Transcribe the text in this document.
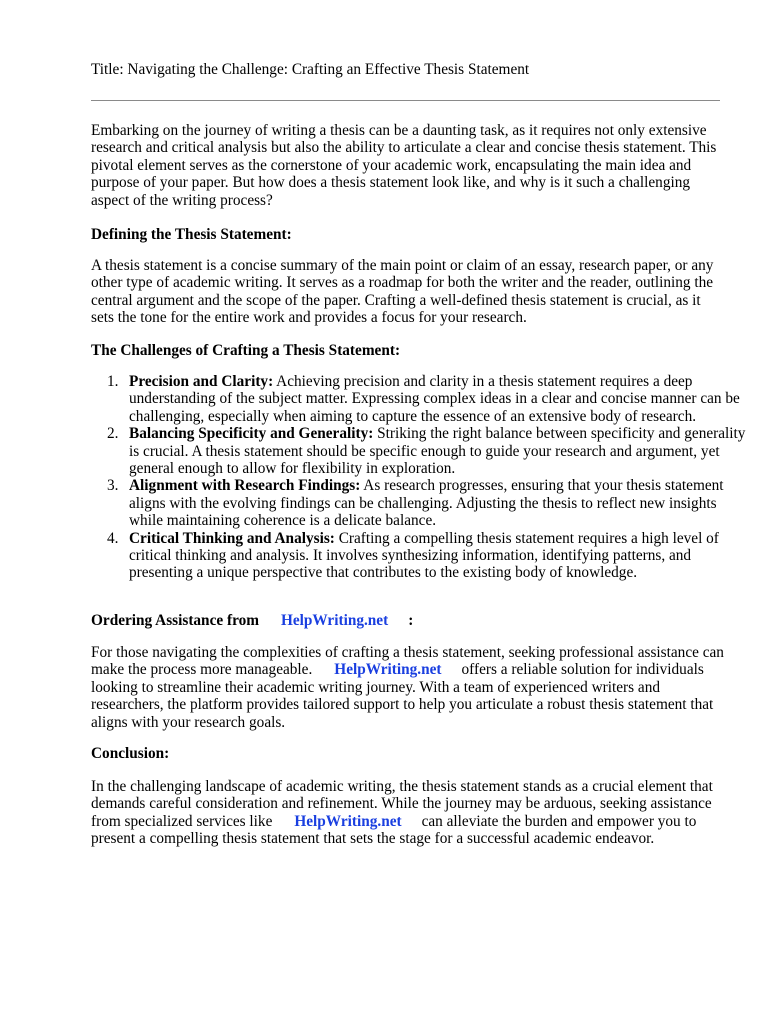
Title: Navigating the Challenge: Crafting an Effective Thesis Statement

Embarking on the journey of writing a thesis can be a daunting task, as it requires not only extensive research and critical analysis but also the ability to articulate a clear and concise thesis statement. This pivotal element serves as the cornerstone of your academic work, encapsulating the main idea and purpose of your paper. But how does a thesis statement look like, and why is it such a challenging aspect of the writing process?

Defining the Thesis Statement:

A thesis statement is a concise summary of the main point or claim of an essay, research paper, or any other type of academic writing. It serves as a roadmap for both the writer and the reader, outlining the central argument and the scope of the paper. Crafting a well-defined thesis statement is crucial, as it sets the tone for the entire work and provides a focus for your research.

The Challenges of Crafting a Thesis Statement:
1. Precision and Clarity: Achieving precision and clarity in a thesis statement requires a deep understanding of the subject matter. Expressing complex ideas in a clear and concise manner can be challenging, especially when aiming to capture the essence of an extensive body of research.
2. Balancing Specificity and Generality: Striking the right balance between specificity and generality is crucial. A thesis statement should be specific enough to guide your research and argument, yet general enough to allow for flexibility in exploration.
3. Alignment with Research Findings: As research progresses, ensuring that your thesis statement aligns with the evolving findings can be challenging. Adjusting the thesis to reflect new insights while maintaining coherence is a delicate balance.
4. Critical Thinking and Analysis: Crafting a compelling thesis statement requires a high level of critical thinking and analysis. It involves synthesizing information, identifying patterns, and presenting a unique perspective that contributes to the existing body of knowledge.
Ordering Assistance from HelpWriting.net :

For those navigating the complexities of crafting a thesis statement, seeking professional assistance can make the process more manageable. HelpWriting.net offers a reliable solution for individuals looking to streamline their academic writing journey. With a team of experienced writers and researchers, the platform provides tailored support to help you articulate a robust thesis statement that aligns with your research goals.

Conclusion:

In the challenging landscape of academic writing, the thesis statement stands as a crucial element that demands careful consideration and refinement. While the journey may be arduous, seeking assistance from specialized services like HelpWriting.net can alleviate the burden and empower you to present a compelling thesis statement that sets the stage for a successful academic endeavor.
